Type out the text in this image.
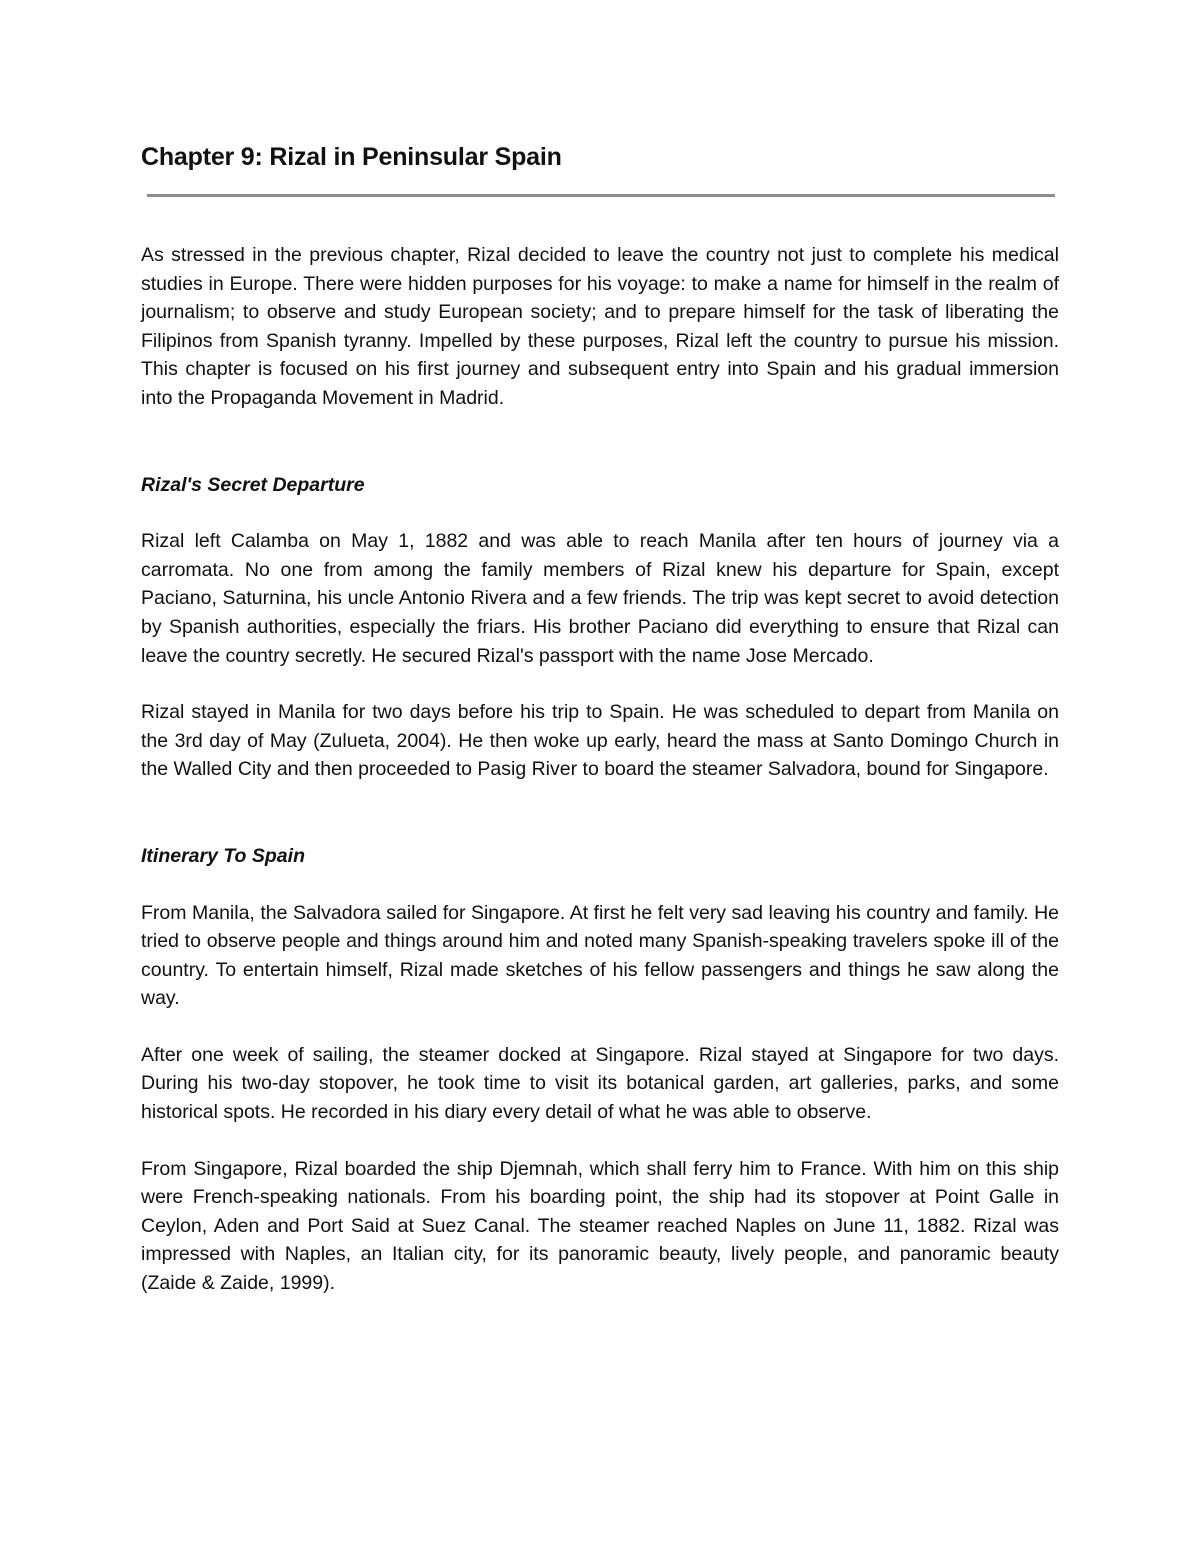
Chapter 9: Rizal in Peninsular Spain

As stressed in the previous chapter, Rizal decided to leave the country not just to complete his medical studies in Europe. There were hidden purposes for his voyage: to make a name for himself in the realm of journalism; to observe and study European society; and to prepare himself for the task of liberating the Filipinos from Spanish tyranny. Impelled by these purposes, Rizal left the country to pursue his mission. This chapter is focused on his first journey and subsequent entry into Spain and his gradual immersion into the Propaganda Movement in Madrid.

Rizal's Secret Departure

Rizal left Calamba on May 1, 1882 and was able to reach Manila after ten hours of journey via a carromata. No one from among the family members of Rizal knew his departure for Spain, except Paciano, Saturnina, his uncle Antonio Rivera and a few friends. The trip was kept secret to avoid detection by Spanish authorities, especially the friars. His brother Paciano did everything to ensure that Rizal can leave the country secretly. He secured Rizal's passport with the name Jose Mercado.

Rizal stayed in Manila for two days before his trip to Spain. He was scheduled to depart from Manila on the 3rd day of May (Zulueta, 2004). He then woke up early, heard the mass at Santo Domingo Church in the Walled City and then proceeded to Pasig River to board the steamer Salvadora, bound for Singapore.

Itinerary To Spain

From Manila, the Salvadora sailed for Singapore. At first he felt very sad leaving his country and family. He tried to observe people and things around him and noted many Spanish-speaking travelers spoke ill of the country. To entertain himself, Rizal made sketches of his fellow passengers and things he saw along the way.

After one week of sailing, the steamer docked at Singapore. Rizal stayed at Singapore for two days. During his two-day stopover, he took time to visit its botanical garden, art galleries, parks, and some historical spots. He recorded in his diary every detail of what he was able to observe.

From Singapore, Rizal boarded the ship Djemnah, which shall ferry him to France. With him on this ship were French-speaking nationals. From his boarding point, the ship had its stopover at Point Galle in Ceylon, Aden and Port Said at Suez Canal. The steamer reached Naples on June 11, 1882. Rizal was impressed with Naples, an Italian city, for its panoramic beauty, lively people, and panoramic beauty (Zaide & Zaide, 1999).
